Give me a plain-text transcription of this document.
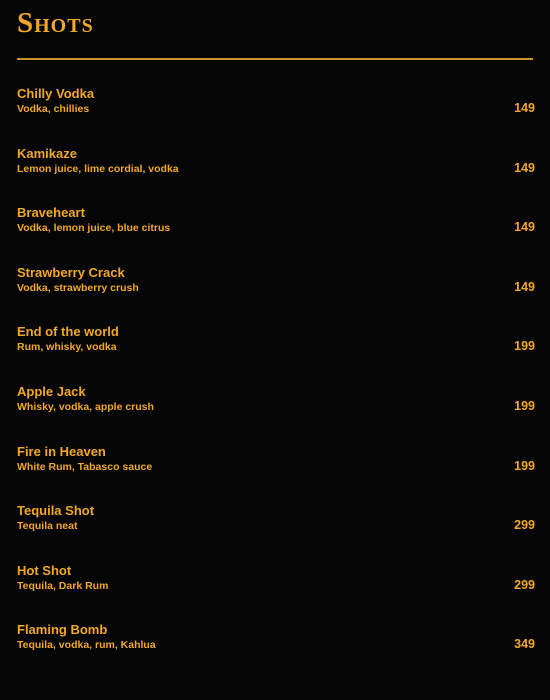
Shots
Chilly Vodka
Vodka, chillies	149
Kamikaze
Lemon juice, lime cordial, vodka	149
Braveheart
Vodka, lemon juice, blue citrus	149
Strawberry Crack
Vodka, strawberry crush	149
End of the world
Rum, whisky, vodka	199
Apple Jack
Whisky, vodka, apple crush	199
Fire in Heaven
White Rum, Tabasco sauce	199
Tequila Shot
Tequila neat	299
Hot Shot
Tequila, Dark Rum	299
Flaming Bomb
Tequila, vodka, rum, Kahlua	349
